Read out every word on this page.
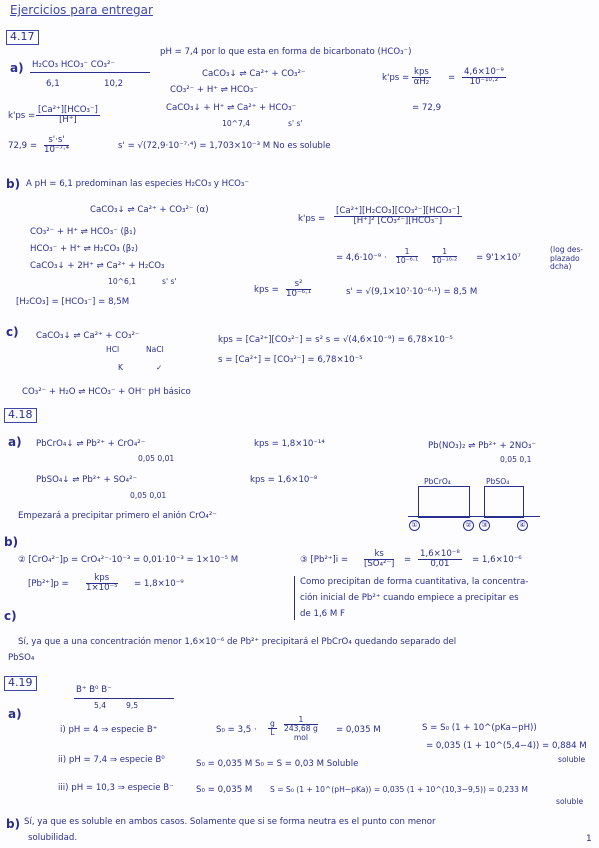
Ejercicios para entregar
4.17
a) H₂CO₃ HCO₃⁻ CO₃²⁻
6,1	10,2
pH = 7,4 por lo que esta en forma de bicarbonato (HCO₃⁻)
CaCO₃↓ ⇌ Ca²⁺ + CO₃²⁻
CO₃²⁻ + H⁺ ⇌ HCO₃⁻
CaCO₃↓ + H⁺ ⇌ Ca²⁺ + HCO₃⁻
10^7,4	s' s'
k'ps =
kps
$\alpha H_2 = \frac{\text{4,6×10⁻⁹}}{\text{10⁻¹⁰·²}}$
= 72,9
k'ps =
[Ca²⁺][HCO₃⁻]
[H⁺]
$72,9 = \frac{s'\cdot s'}{\text{10⁻⁷·⁴}}$	s' = √(72,9·10⁻⁷·⁴) = 1,703×10⁻³ M No es soluble
b) A pH = 6,1 predominan las especies H₂CO₃ y HCO₃⁻
CaCO₃↓ ⇌ Ca²⁺ + CO₃²⁻ (α)
CO₃²⁻ + H⁺ ⇌ HCO₃⁻ (β₁)
HCO₃⁻ + H⁺ ⇌ H₂CO₃ (β₂)
CaCO₃↓ + 2H⁺ ⇌ Ca²⁺ + H₂CO₃
10^6,1	s' s'
k'ps =
[Ca²⁺][H₂CO₃][CO₃²⁻][HCO₃⁻]
[H⁺]² [CO₃²⁻][HCO₃⁻]
= $4,6\cdot 10^{-9} \cdot \frac{1}{\text{10⁻⁶·¹}} \frac{1}{\text{10⁻¹⁰·²}} = 9'1\times 10^7$
(log des- plazado dcha)
kps = $\frac{\text{s²}}{\text{10⁻⁶·¹}}$	s' = √(9,1×10⁷·10⁻⁶·¹) = 8,5 M
[H₂CO₃] = [HCO₃⁻] = 8,5M
c) CaCO₃↓ ⇌ Ca²⁺ + CO₃²⁻
HCl	NaCl
K	✓
kps = [Ca²⁺][CO₃²⁻] = s² s = √(4,6×10⁻⁹) = 6,78×10⁻⁵
s = [Ca²⁺] = [CO₃²⁻] = 6,78×10⁻⁵
CO₃²⁻ + H₂O ⇌ HCO₃⁻ + OH⁻ pH básico
4.18
a) PbCrO₄↓ ⇌ Pb²⁺ + CrO₄²⁻
0,05 0,01
kps = 1,8×10⁻¹⁴
PbSO₄↓ ⇌ Pb²⁺ + SO₄²⁻
0,05 0,01
kps = 1,6×10⁻⁸
Pb(NO₃)₂ ⇌ Pb²⁺ + 2NO₃⁻
0,05 0,1
PbCrO₄	PbSO₄
①	②	③	④
Empezará a precipitar primero el anión CrO₄²⁻
b)
② [CrO₄²⁻]p = CrO₄²⁻·10⁻³ = 0,01·10⁻³ = 1×10⁻⁵ M
[Pb²⁺]p =
kps
1×10⁻⁵ = 1,8×10⁻⁹
③ $[Pb^{2+}]i = \frac{ks}{\text{[SO₄²⁻]}} = \frac{\text{1,6×10⁻⁸}}{0,01} = 1,6\times 10^{-6}$
Como precipitan de forma cuantitativa, la concentra-
ción inicial de Pb²⁺ cuando empiece a precipitar es
de 1,6 M F
c)
Sí, ya que a una concentración menor 1,6×10⁻⁶ de Pb²⁺ precipitará el PbCrO₄ quedando separado del
PbSO₄
4.19
B⁺ B⁰ B⁻
5,4	9,5
a)
i) pH = 4 ⇒ especie B⁺	$S_0 = 3,5 \cdot \frac{g}{L}$
1
243,68 g
mol
= 0,035 M	S = S₀ (1 + 10^(pKa−pH))
= 0,035 (1 + 10^(5,4−4)) = 0,884 M
soluble
ii) pH = 7,4 ⇒ especie B⁰	S₀ = 0,035 M S₀ = S = 0,03 M Soluble
iii) pH = 10,3 ⇒ especie B⁻	S₀ = 0,035 M S = S₀ (1 + 10^(pH−pKa)) = 0,035 (1 + 10^(10,3−9,5)) = 0,233 M
soluble
b) Sí, ya que es soluble en ambos casos. Solamente que si se forma neutra es el punto con menor
solubilidad.	1
